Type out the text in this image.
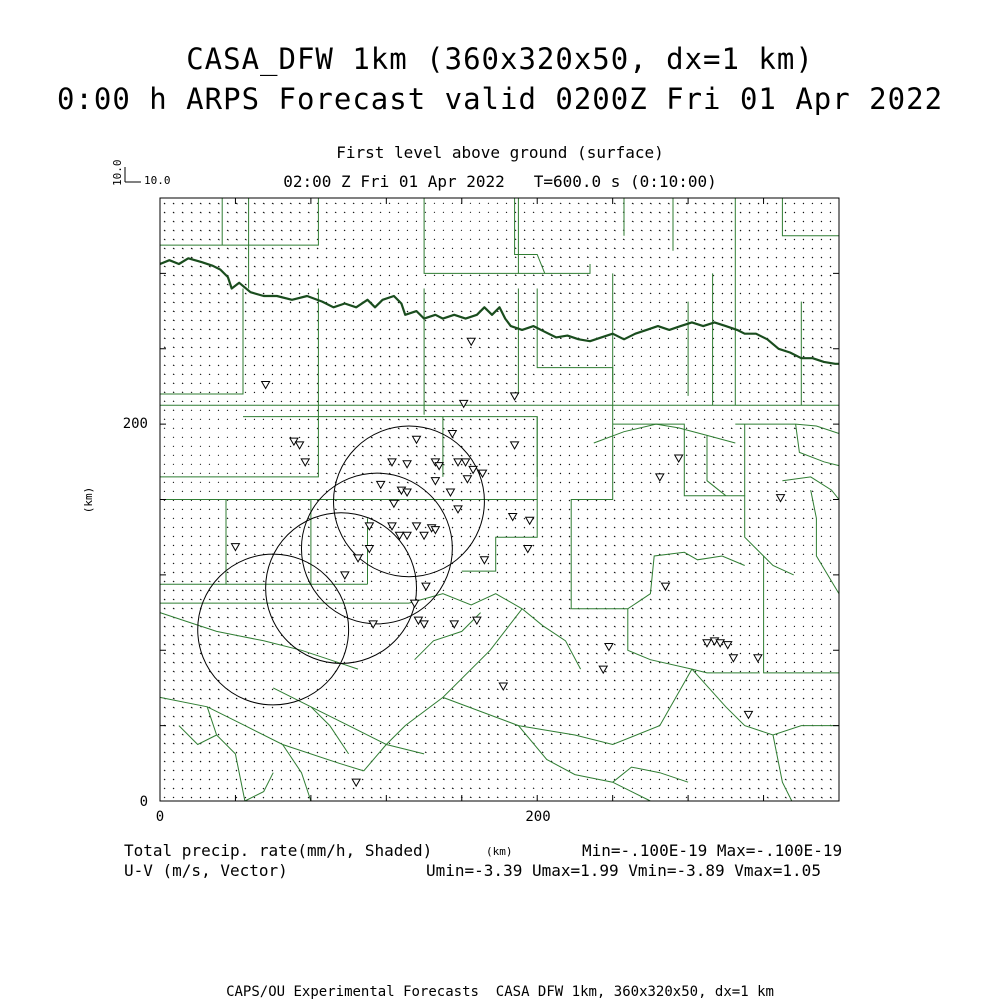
CASA_DFW 1km (360x320x50, dx=1 km)
0:00 h ARPS Forecast valid 0200Z Fri 01 Apr 2022
First level above ground (surface)
02:00 Z Fri 01 Apr 2022   T=600.0 s (0:10:00)
10.0
10.0
200
0
0	200
(km)
Total precip. rate(mm/h, Shaded)
U-V (m/s, Vector)
(km)	Min=-.100E-19 Max=-.100E-19
Umin=-3.39 Umax=1.99 Vmin=-3.89 Vmax=1.05
CAPS/OU Experimental Forecasts  CASA DFW 1km, 360x320x50, dx=1 km
